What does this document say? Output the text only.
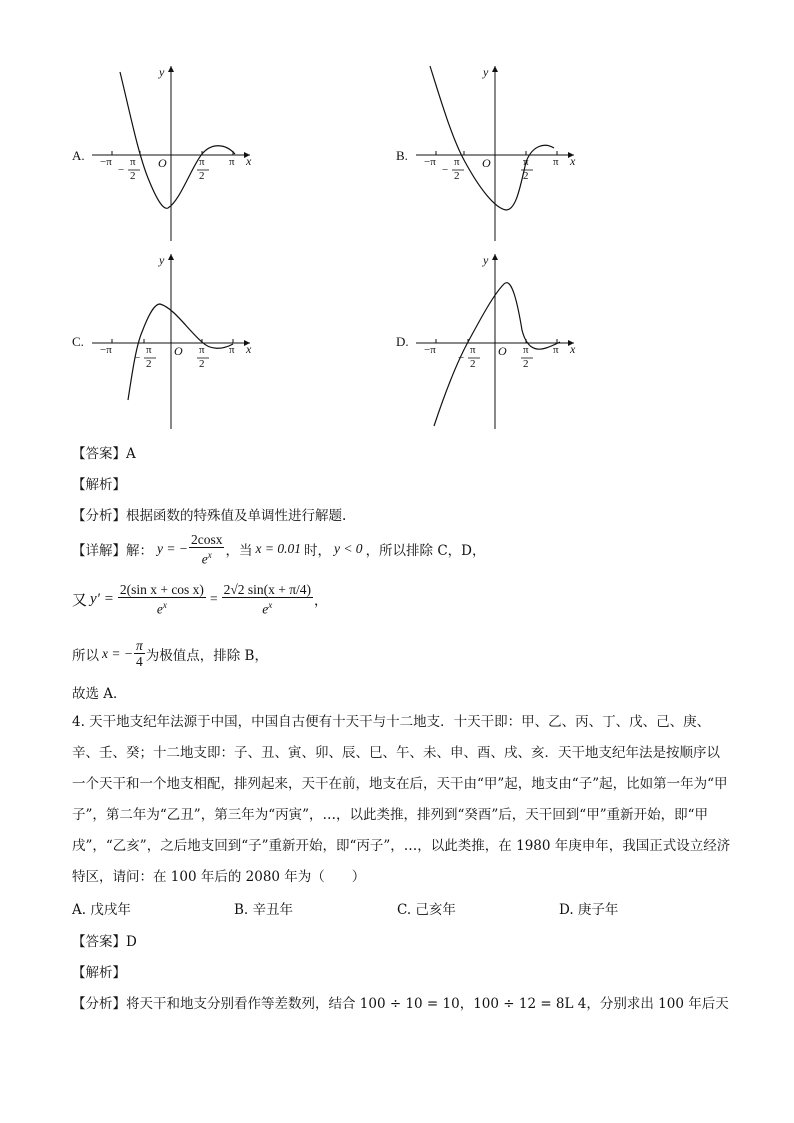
A.
y
O
−π
−
π
2
π
2
π x	B.
y
O
−π
−
π
2
π
2
π x
C.
y
O
−π
−
π
2
π
2
π x	D.
y
O
−π
−
π
2
π
2
π x
【答案】A
【解析】
【分析】根据函数的特殊值及单调性进行解题.
【详解】 解： y = − $\frac{2\cos x}{e^x}$ ，当 x = 0.01 时， y < 0 ，所以排除 C，D，
又 $y' = \frac{\text{2(sin x + cos x)}}{e^x} = \frac{2√2 \sin(x + \pi/4)}{e^x}$ ，
所以 x = − $\frac{\pi}{4}$ 为极值点，排除 B，
故选 A．
4. 天干地支纪年法源于中国，中国自古便有十天干与十二地支．十天干即：甲、乙、丙、丁、戊、己、庚、辛、壬、癸；十二地支即：子、丑、寅、卯、辰、巳、午、未、申、酉、戌、亥．天干地支纪年法是按顺序以一个天干和一个地支相配，排列起来，天干在前，地支在后，天干由“甲”起，地支由“子”起，比如第一年为“甲子”，第二年为“乙丑”，第三年为“丙寅”，…，以此类推，排列到“癸酉”后，天干回到“甲”重新开始，即“甲戌”，“乙亥”，之后地支回到“子”重新开始，即“丙子”，…，以此类推，在 1980 年庚申年，我国正式设立经济特区，请问：在 100 年后的 2080 年为（　　）
A. 戊戌年	B. 辛丑年	C. 己亥年	D. 庚子年
【答案】D
【解析】
【分析】将天干和地支分别看作等差数列，结合 100 ÷ 10 = 10，100 ÷ 12 = 8L 4，分别求出 100 年后天
